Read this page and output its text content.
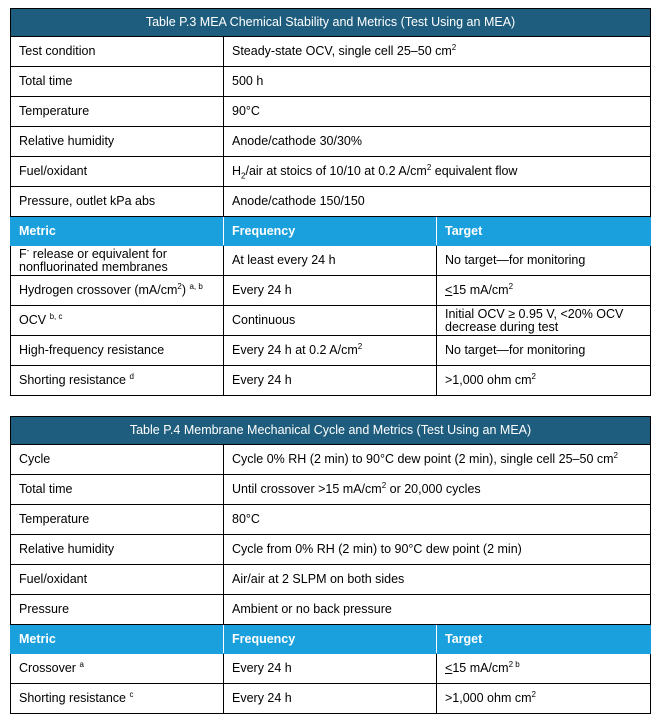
Table P.3 MEA Chemical Stability and Metrics (Test Using an MEA)		
Test condition	Steady-state OCV, single cell 25–50 $cm^2$
Total time	500 h	
Temperature	90°C	
Relative humidity	Anode/cathode 30/30%	
Fuel/oxidant	$H_2$/air at stoics of 10/10 at 0.2 $A/cm^2$ equivalent flow	
Pressure, outlet kPa abs	Anode/cathode 150/150	
Metric	Frequency	Target
F- release or equivalent for
nonfluorinated membranes	At least every 24 h	No target—for monitoring
Hydrogen crossover $(mA/cm^2)$ $^{a, b}$	Every 24 h	<15 $mA/cm^2$
OCV $^{b, c}$	Continuous	Initial OCV ≥ 0.95 V, <20% OCV
decrease during test
High-frequency resistance	Every 24 h at 0.2 $A/cm^2$	No target—for monitoring
Shorting resistance $^d$	Every 24 h	>1,000 ohm $cm^2$
Table P.4 Membrane Mechanical Cycle and Metrics (Test Using an MEA)		
Cycle	Cycle 0% RH (2 min) to 90°C dew point (2 min), single cell 25–50 $cm^2$
Total time	Until crossover >15 $mA/cm^2$ or 20,000 cycles	
Temperature	80°C	
Relative humidity	Cycle from 0% RH (2 min) to 90°C dew point (2 min)	
Fuel/oxidant	Air/air at 2 SLPM on both sides	
Pressure	Ambient or no back pressure	
Metric	Frequency	Target
Crossover $^a$	Every 24 h	<15 $mA/cm^{2 b}$
Shorting resistance $^c$	Every 24 h	>1,000 ohm $cm^2$
